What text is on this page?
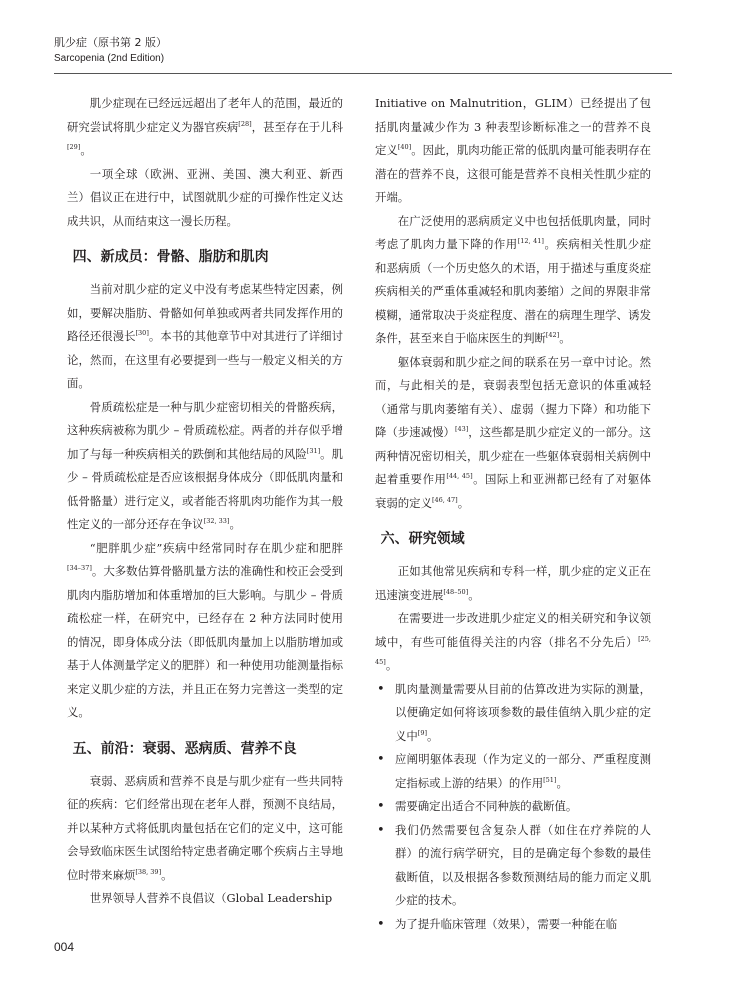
肌少症（原书第 2 版）
Sarcopenia (2nd Edition)

肌少症现在已经远远超出了老年人的范围，最近的研究尝试将肌少症定义为器官疾病[28]，甚至存在于儿科[29]。

一项全球（欧洲、亚洲、美国、澳大利亚、新西兰）倡议正在进行中，试图就肌少症的可操作性定义达成共识，从而结束这一漫长历程。

四、新成员：骨骼、脂肪和肌肉

当前对肌少症的定义中没有考虑某些特定因素，例如，要解决脂肪、骨骼如何单独或两者共同发挥作用的路径还很漫长[30]。本书的其他章节中对其进行了详细讨论，然而，在这里有必要提到一些与一般定义相关的方面。

骨质疏松症是一种与肌少症密切相关的骨骼疾病，这种疾病被称为肌少 – 骨质疏松症。两者的并存似乎增加了与每一种疾病相关的跌倒和其他结局的风险[31]。肌少 – 骨质疏松症是否应该根据身体成分（即低肌肉量和低骨骼量）进行定义，或者能否将肌肉功能作为其一般性定义的一部分还存在争议[32, 33]。

“肥胖肌少症”疾病中经常同时存在肌少症和肥胖[34–37]。大多数估算骨骼肌量方法的准确性和校正会受到肌肉内脂肪增加和体重增加的巨大影响。与肌少 – 骨质疏松症一样，在研究中，已经存在 2 种方法同时使用的情况，即身体成分法（即低肌肉量加上以脂肪增加或基于人体测量学定义的肥胖）和一种使用功能测量指标来定义肌少症的方法，并且正在努力完善这一类型的定义。

五、前沿：衰弱、恶病质、营养不良

衰弱、恶病质和营养不良是与肌少症有一些共同特征的疾病：它们经常出现在老年人群，预测不良结局，并以某种方式将低肌肉量包括在它们的定义中，这可能会导致临床医生试图给特定患者确定哪个疾病占主导地位时带来麻烦[38, 39]。

世界领导人营养不良倡议（Global Leadership

Initiative on Malnutrition，GLIM）已经提出了包括肌肉量减少作为 3 种表型诊断标准之一的营养不良定义[40]。因此，肌肉功能正常的低肌肉量可能表明存在潜在的营养不良，这很可能是营养不良相关性肌少症的开端。

在广泛使用的恶病质定义中也包括低肌肉量，同时考虑了肌肉力量下降的作用[12, 41]。疾病相关性肌少症和恶病质（一个历史悠久的术语，用于描述与重度炎症疾病相关的严重体重减轻和肌肉萎缩）之间的界限非常模糊，通常取决于炎症程度、潜在的病理生理学、诱发条件，甚至来自于临床医生的判断[42]。

躯体衰弱和肌少症之间的联系在另一章中讨论。然而，与此相关的是，衰弱表型包括无意识的体重减轻（通常与肌肉萎缩有关）、虚弱（握力下降）和功能下降（步速减慢）[43]，这些都是肌少症定义的一部分。这两种情况密切相关，肌少症在一些躯体衰弱相关病例中起着重要作用[44, 45]。国际上和亚洲都已经有了对躯体衰弱的定义[46, 47]。

六、研究领域

正如其他常见疾病和专科一样，肌少症的定义正在迅速演变进展[48–50]。

在需要进一步改进肌少症定义的相关研究和争议领域中，有些可能值得关注的内容（排名不分先后）[25, 45]。

• 肌肉量测量需要从目前的估算改进为实际的测量，以便确定如何将该项参数的最佳值纳入肌少症的定义中[9]。
• 应阐明躯体表现（作为定义的一部分、严重程度测定指标或上游的结果）的作用[51]。
• 需要确定出适合不同种族的截断值。
• 我们仍然需要包含复杂人群（如住在疗养院的人群）的流行病学研究，目的是确定每个参数的最佳截断值，以及根据各参数预测结局的能力而定义肌少症的技术。
• 为了提升临床管理（效果），需要一种能在临
004
